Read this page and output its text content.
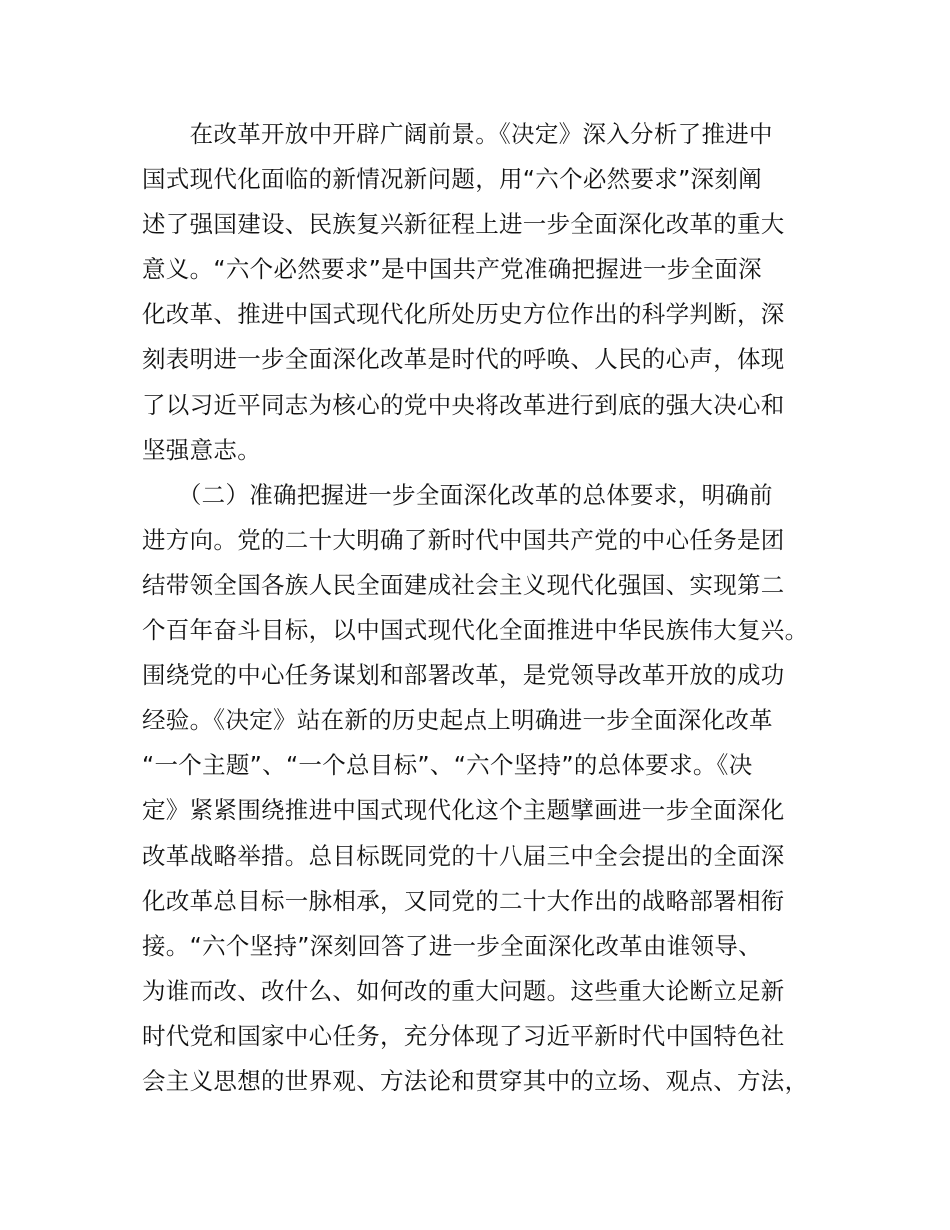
　　在改革开放中开辟广阔前景。《决定》深入分析了推进中
国式现代化面临的新情况新问题，用“六个必然要求”深刻阐
述了强国建设、民族复兴新征程上进一步全面深化改革的重大
意义。“六个必然要求”是中国共产党准确把握进一步全面深
化改革、推进中国式现代化所处历史方位作出的科学判断，深
刻表明进一步全面深化改革是时代的呼唤、人民的心声，体现
了以习近平同志为核心的党中央将改革进行到底的强大决心和
坚强意志。
　　（二）准确把握进一步全面深化改革的总体要求，明确前
进方向。党的二十大明确了新时代中国共产党的中心任务是团
结带领全国各族人民全面建成社会主义现代化强国、实现第二
个百年奋斗目标，以中国式现代化全面推进中华民族伟大复兴。
围绕党的中心任务谋划和部署改革，是党领导改革开放的成功
经验。《决定》站在新的历史起点上明确进一步全面深化改革
“一个主题”、“一个总目标”、“六个坚持”的总体要求。《决
定》紧紧围绕推进中国式现代化这个主题擘画进一步全面深化
改革战略举措。总目标既同党的十八届三中全会提出的全面深
化改革总目标一脉相承，又同党的二十大作出的战略部署相衔
接。“六个坚持”深刻回答了进一步全面深化改革由谁领导、
为谁而改、改什么、如何改的重大问题。这些重大论断立足新
时代党和国家中心任务，充分体现了习近平新时代中国特色社
会主义思想的世界观、方法论和贯穿其中的立场、观点、方法，
